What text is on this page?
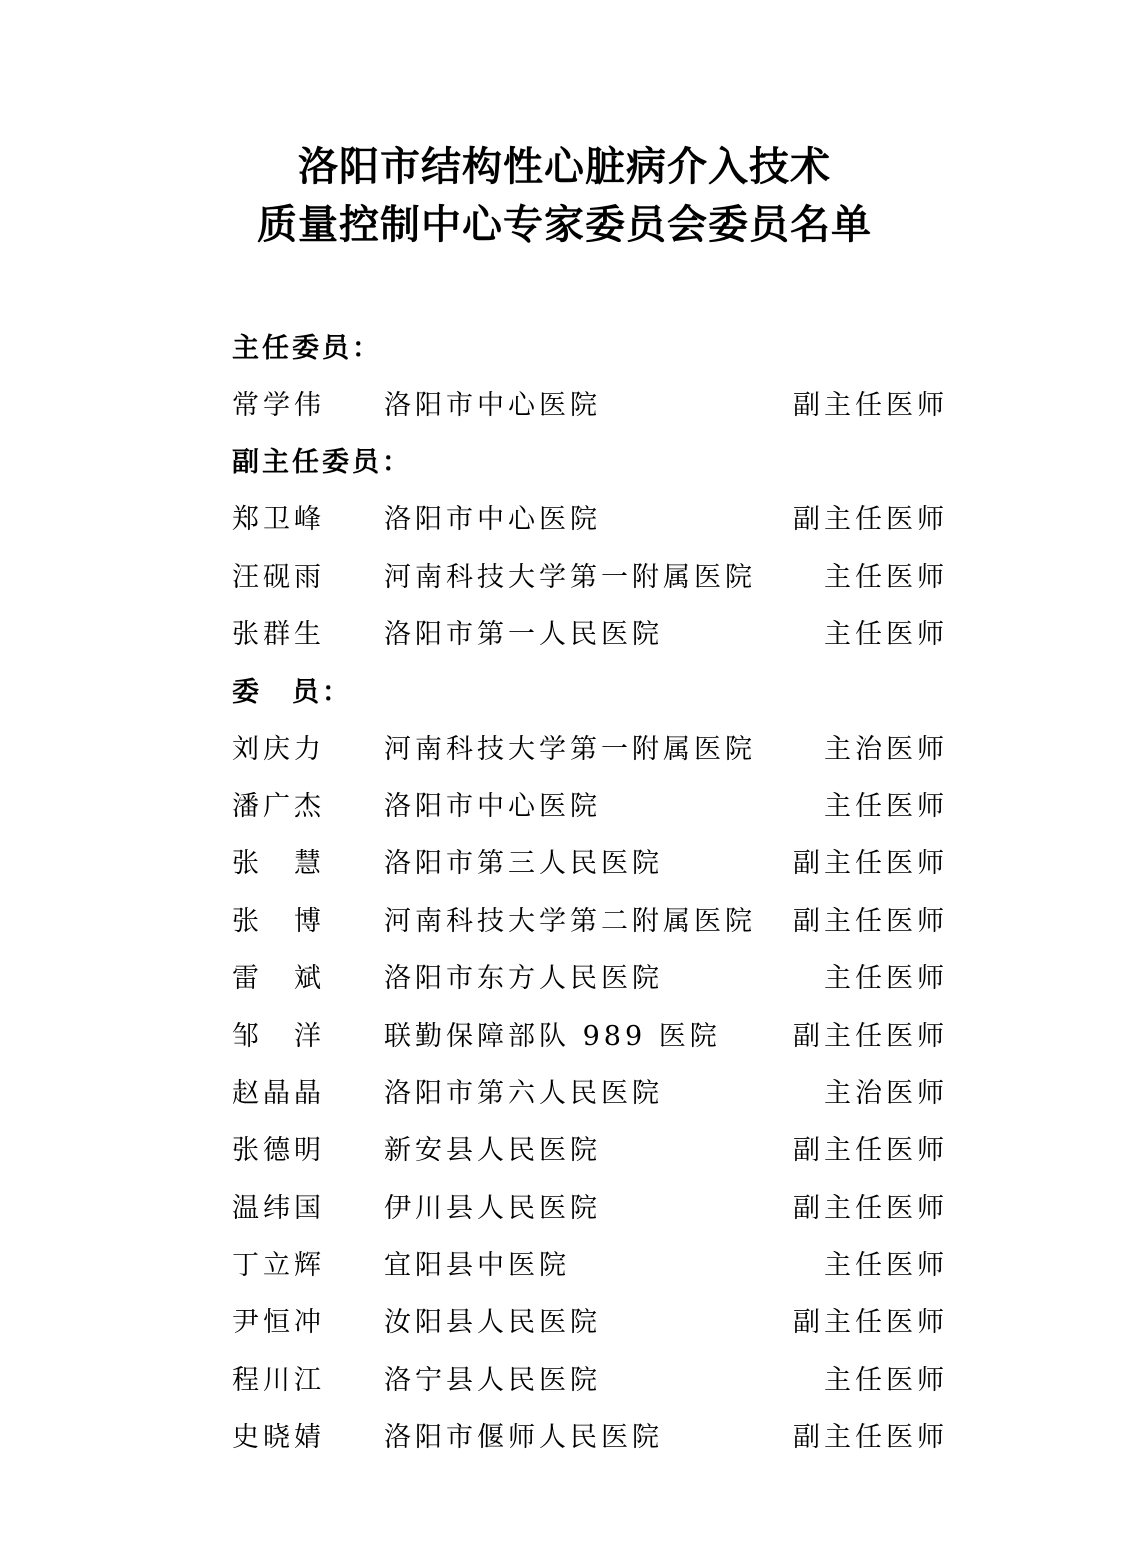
洛阳市结构性心脏病介入技术
质量控制中心专家委员会委员名单
主任委员：
常学伟 洛阳市中心医院	副主任医师
副主任委员：
郑卫峰 洛阳市中心医院	副主任医师
汪砚雨 河南科技大学第一附属医院	主任医师
张群生 洛阳市第一人民医院	主任医师
委　员：
刘庆力 河南科技大学第一附属医院	主治医师
潘广杰 洛阳市中心医院	主任医师
张　慧 洛阳市第三人民医院	副主任医师
张　博 河南科技大学第二附属医院 副主任医师
雷　斌 洛阳市东方人民医院	主任医师
邹　洋 联勤保障部队 989 医院	副主任医师
赵晶晶 洛阳市第六人民医院	主治医师
张德明 新安县人民医院	副主任医师
温纬国 伊川县人民医院	副主任医师
丁立辉 宜阳县中医院	主任医师
尹恒冲 汝阳县人民医院	副主任医师
程川江 洛宁县人民医院	主任医师
史晓婧 洛阳市偃师人民医院	副主任医师
